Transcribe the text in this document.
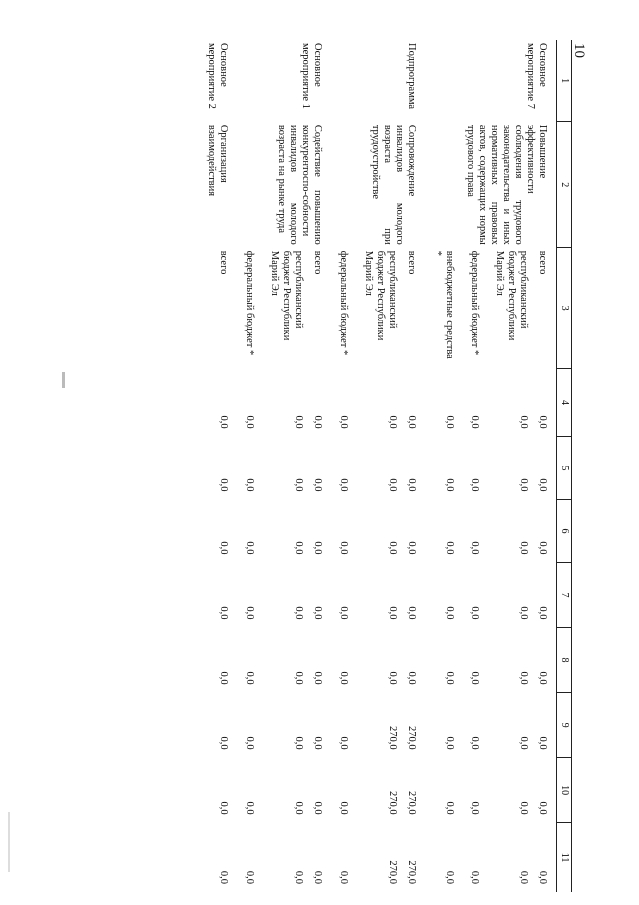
10
1	2	3	4	5	6	7	8	9	10	11
Основное мероприятие 7	Повышение эффективности соблюдения трудового законодательства и иных нормативных правовых актов, содержащих нормы трудового права	всего	0,0	0,0	0,0	0,0	0,0	0,0	0,0	0,0
		республиканский бюджет Республики Марий Эл	0,0	0,0	0,0	0,0	0,0	0,0	0,0	0,0
		федеральный бюджет *	0,0	0,0	0,0	0,0	0,0	0,0	0,0	0,0
		внебюджетные средства *	0,0	0,0	0,0	0,0	0,0	0,0	0,0	0,0
Подпрограмма	Сопровождение инвалидов молодого возраста при трудоустройстве	всего	0,0	0,0	0,0	0,0	0,0	270,0	270,0	270,0
		республиканский бюджет Республики Марий Эл	0,0	0,0	0,0	0,0	0,0	270,0	270,0	270,0
		федеральный бюджет *	0,0	0,0	0,0	0,0	0,0	0,0	0,0	0,0
Основное мероприятие 1	Содействие повышению конкурентоспо-собности инвалидов молодого возраста на рынке труда	всего	0,0	0,0	0,0	0,0	0,0	0,0	0,0	0,0
		республиканский бюджет Республики Марий Эл	0,0	0,0	0,0	0,0	0,0	0,0	0,0	0,0
		федеральный бюджет *	0,0	0,0	0,0	0,0	0,0	0,0	0,0	0,0
Основное мероприятие 2	Организация взаимодействия	всего	0,0	0,0	0,0	0,0	0,0	0,0	0,0	0,0
